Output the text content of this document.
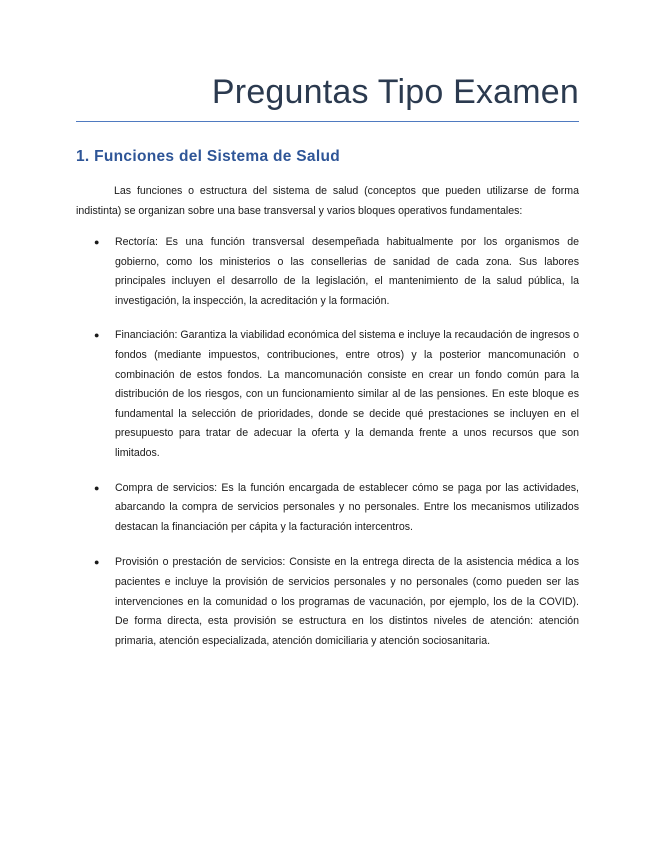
Preguntas Tipo Examen
1. Funciones del Sistema de Salud

Las funciones o estructura del sistema de salud (conceptos que pueden utilizarse de forma indistinta) se organizan sobre una base transversal y varios bloques operativos fundamentales:

● Rectoría: Es una función transversal desempeñada habitualmente por los organismos de gobierno, como los ministerios o las consellerias de sanidad de cada zona. Sus labores principales incluyen el desarrollo de la legislación, el mantenimiento de la salud pública, la investigación, la inspección, la acreditación y la formación.
● Financiación: Garantiza la viabilidad económica del sistema e incluye la recaudación de ingresos o fondos (mediante impuestos, contribuciones, entre otros) y la posterior mancomunación o combinación de estos fondos. La mancomunación consiste en crear un fondo común para la distribución de los riesgos, con un funcionamiento similar al de las pensiones. En este bloque es fundamental la selección de prioridades, donde se decide qué prestaciones se incluyen en el presupuesto para tratar de adecuar la oferta y la demanda frente a unos recursos que son limitados.
● Compra de servicios: Es la función encargada de establecer cómo se paga por las actividades, abarcando la compra de servicios personales y no personales. Entre los mecanismos utilizados destacan la financiación per cápita y la facturación intercentros.
● Provisión o prestación de servicios: Consiste en la entrega directa de la asistencia médica a los pacientes e incluye la provisión de servicios personales y no personales (como pueden ser las intervenciones en la comunidad o los programas de vacunación, por ejemplo, los de la COVID). De forma directa, esta provisión se estructura en los distintos niveles de atención: atención primaria, atención especializada, atención domiciliaria y atención sociosanitaria.
